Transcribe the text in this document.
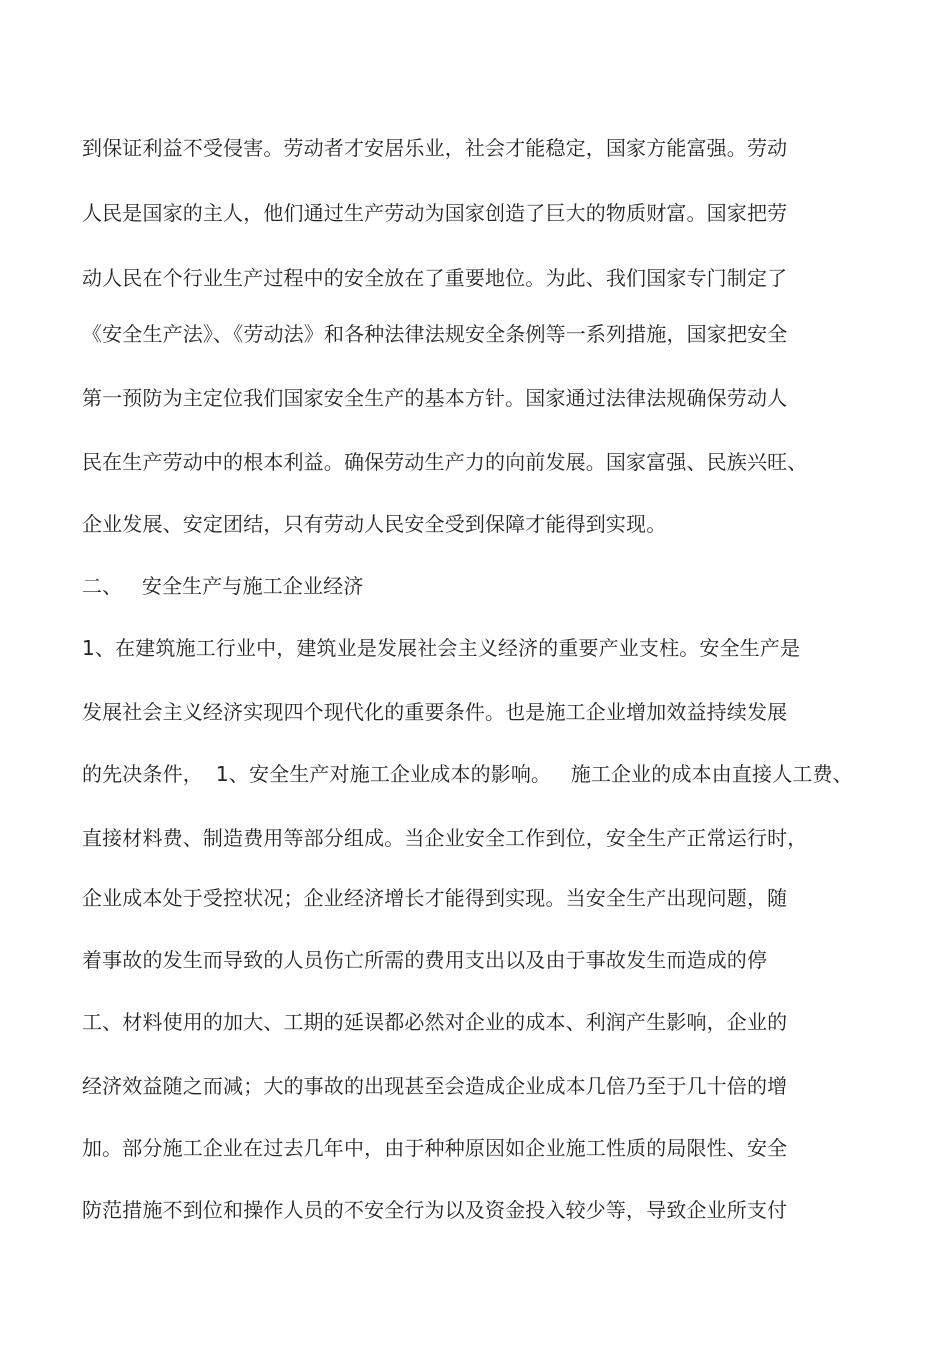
到保证利益不受侵害。劳动者才安居乐业，社会才能稳定，国家方能富强。劳动

人民是国家的主人，他们通过生产劳动为国家创造了巨大的物质财富。国家把劳

动人民在个行业生产过程中的安全放在了重要地位。为此、我们国家专门制定了

《安全生产法》、《劳动法》和各种法律法规安全条例等一系列措施，国家把安全

第一预防为主定位我们国家安全生产的基本方针。国家通过法律法规确保劳动人

民在生产劳动中的根本利益。确保劳动生产力的向前发展。国家富强、民族兴旺、

企业发展、安定团结，只有劳动人民安全受到保障才能得到实现。

二、   安全生产与施工企业经济

1、在建筑施工行业中，建筑业是发展社会主义经济的重要产业支柱。安全生产是

发展社会主义经济实现四个现代化的重要条件。也是施工企业增加效益持续发展

的先决条件，  1、安全生产对施工企业成本的影响。   施工企业的成本由直接人工费、

直接材料费、制造费用等部分组成。当企业安全工作到位，安全生产正常运行时，

企业成本处于受控状况；企业经济增长才能得到实现。当安全生产出现问题，随

着事故的发生而导致的人员伤亡所需的费用支出以及由于事故发生而造成的停

工、材料使用的加大、工期的延误都必然对企业的成本、利润产生影响，企业的

经济效益随之而减；大的事故的出现甚至会造成企业成本几倍乃至于几十倍的增

加。部分施工企业在过去几年中，由于种种原因如企业施工性质的局限性、安全

防范措施不到位和操作人员的不安全行为以及资金投入较少等，导致企业所支付
